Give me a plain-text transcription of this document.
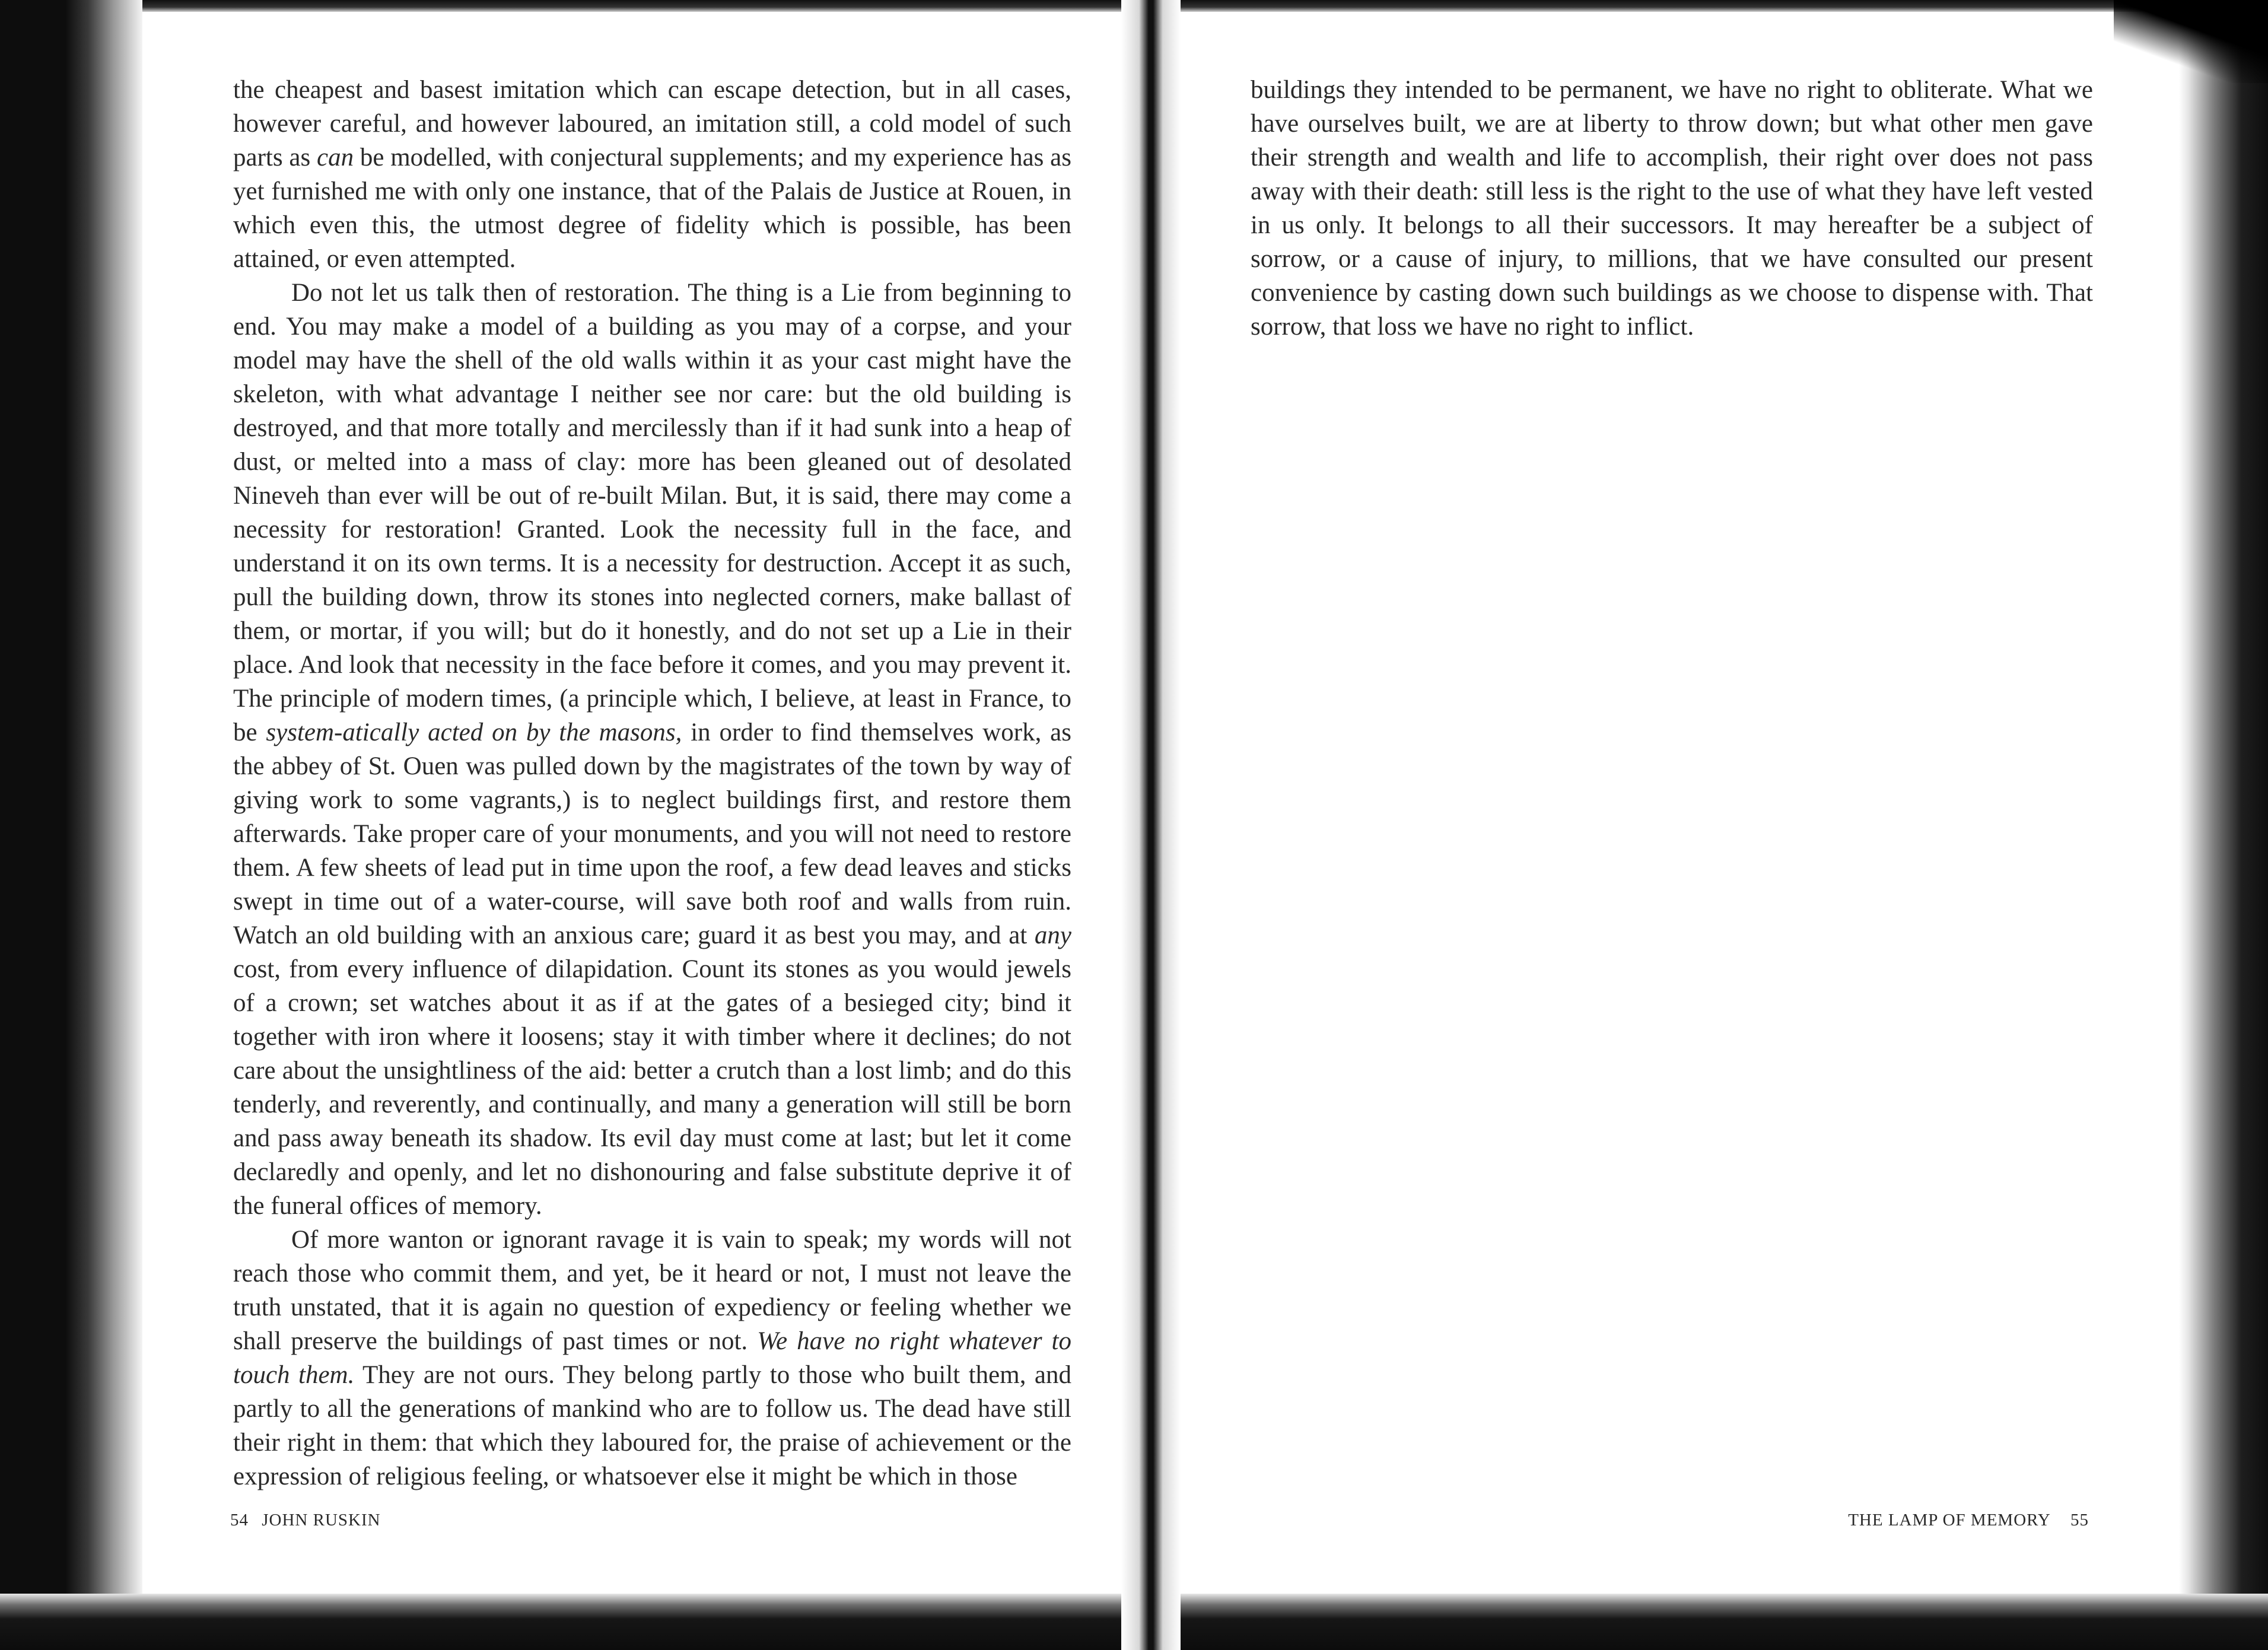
the cheapest and basest imitation which can escape detection, but in all cases, however careful, and however laboured, an imitation still, a cold model of such parts as can be modelled, with conjectural supplements; and my experience has as yet furnished me with only one instance, that of the Palais de Justice at Rouen, in which even this, the utmost degree of fidelity which is possible, has been attained, or even attempted.

Do not let us talk then of restoration. The thing is a Lie from beginning to end. You may make a model of a building as you may of a corpse, and your model may have the shell of the old walls within it as your cast might have the skeleton, with what advantage I neither see nor care: but the old building is destroyed, and that more totally and mercilessly than if it had sunk into a heap of dust, or melted into a mass of clay: more has been gleaned out of desolated Nineveh than ever will be out of re-built Milan. But, it is said, there may come a necessity for restoration! Granted. Look the necessity full in the face, and understand it on its own terms. It is a necessity for destruction. Accept it as such, pull the building down, throw its stones into neglected corners, make ballast of them, or mortar, if you will; but do it honestly, and do not set up a Lie in their place. And look that necessity in the face before it comes, and you may prevent it. The principle of modern times, (a principle which, I believe, at least in France, to be system-atically acted on by the masons, in order to find themselves work, as the abbey of St. Ouen was pulled down by the magistrates of the town by way of giving work to some vagrants,) is to neglect buildings first, and restore them afterwards. Take proper care of your monuments, and you will not need to restore them. A few sheets of lead put in time upon the roof, a few dead leaves and sticks swept in time out of a water-course, will save both roof and walls from ruin. Watch an old building with an anxious care; guard it as best you may, and at any cost, from every influence of dilapidation. Count its stones as you would jewels of a crown; set watches about it as if at the gates of a besieged city; bind it together with iron where it loosens; stay it with timber where it declines; do not care about the unsightliness of the aid: better a crutch than a lost limb; and do this tenderly, and reverently, and continually, and many a generation will still be born and pass away beneath its shadow. Its evil day must come at last; but let it come declaredly and openly, and let no dishonouring and false substitute deprive it of the funeral offices of memory.

Of more wanton or ignorant ravage it is vain to speak; my words will not reach those who commit them, and yet, be it heard or not, I must not leave the truth unstated, that it is again no question of expediency or feeling whether we shall preserve the buildings of past times or not. We have no right whatever to touch them. They are not ours. They belong partly to those who built them, and partly to all the generations of mankind who are to follow us. The dead have still their right in them: that which they laboured for, the praise of achievement or the expression of religious feeling, or whatsoever else it might be which in those

54 JOHN RUSKIN

buildings they intended to be permanent, we have no right to obliterate. What we have ourselves built, we are at liberty to throw down; but what other men gave their strength and wealth and life to accomplish, their right over does not pass away with their death: still less is the right to the use of what they have left vested in us only. It belongs to all their successors. It may hereafter be a subject of sorrow, or a cause of injury, to millions, that we have consulted our present convenience by casting down such buildings as we choose to dispense with. That sorrow, that loss we have no right to inflict.

THE LAMP OF MEMORY 55
